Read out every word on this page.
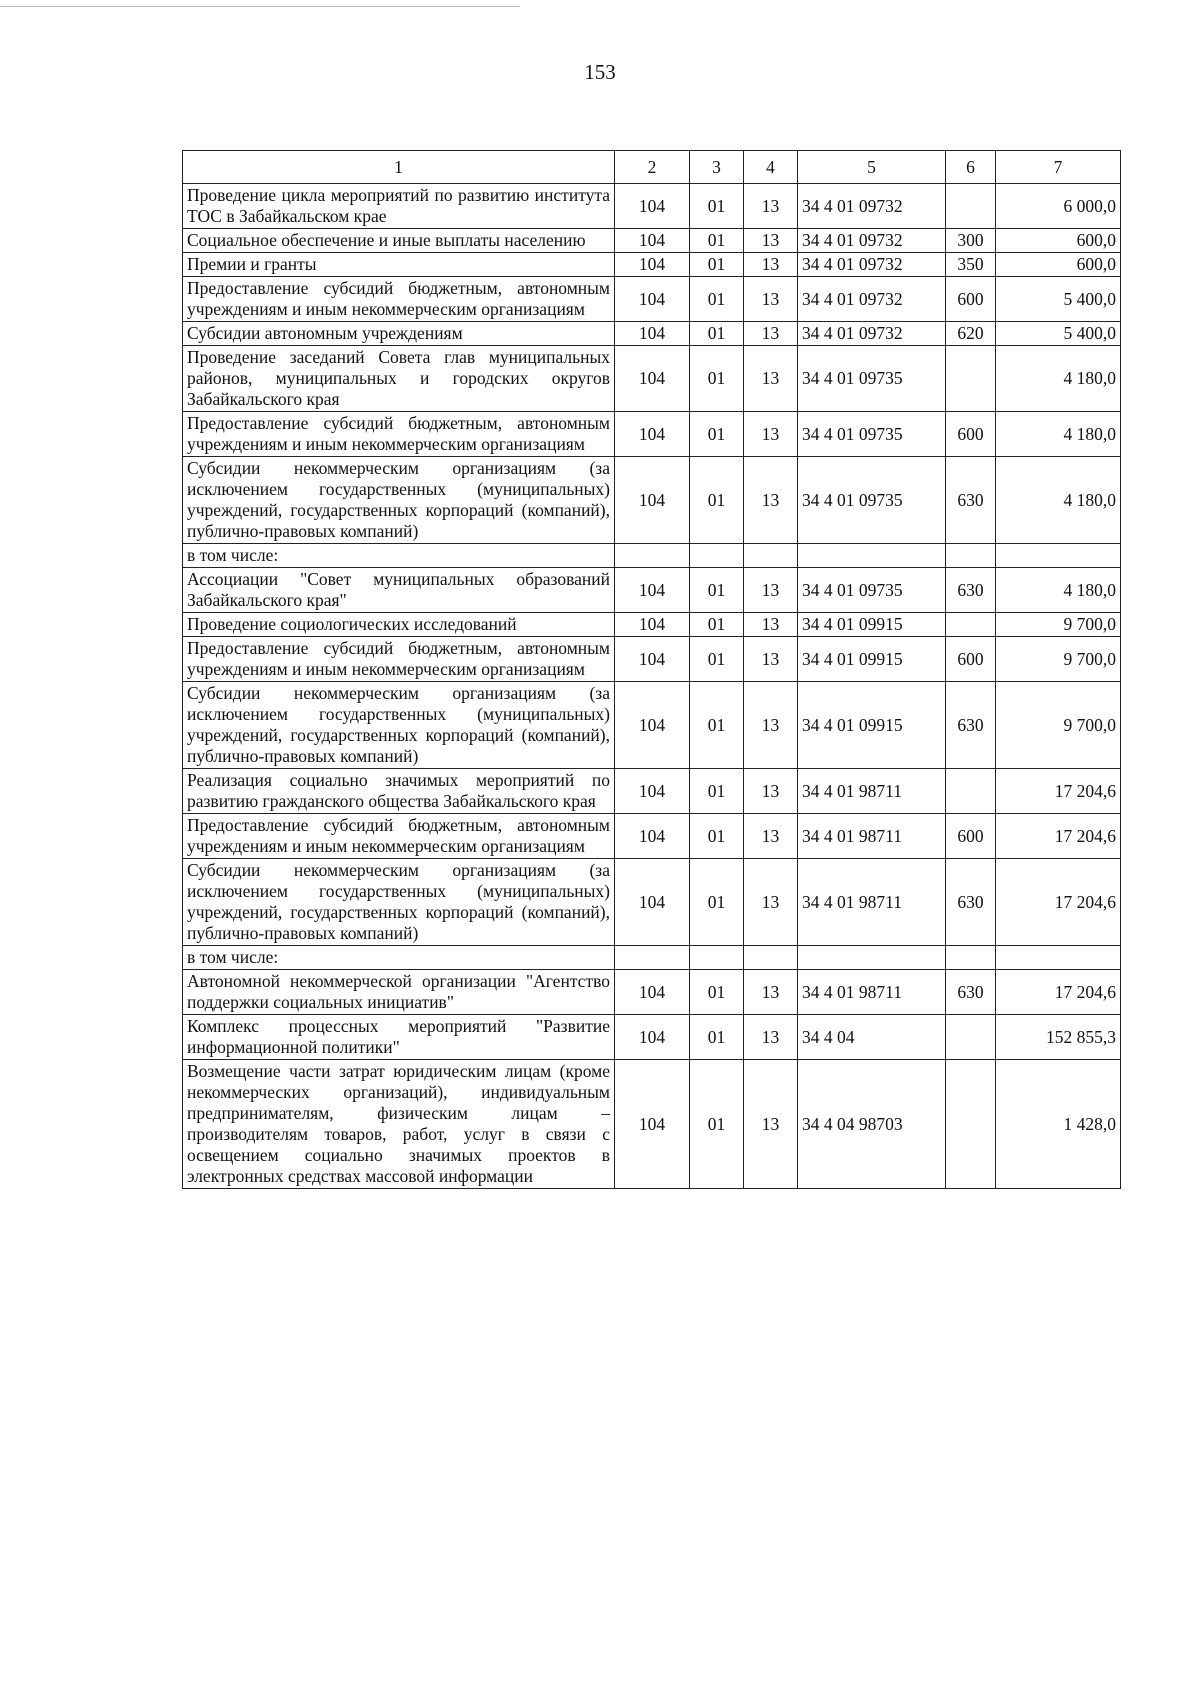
153
1	2	3	4	5	6	7
Проведение цикла мероприятий по развитию института ТОС в Забайкальском крае	104	01	13	34 4 01 09732		6 000,0
Социальное обеспечение и иные выплаты населению	104	01	13	34 4 01 09732	300	600,0
Премии и гранты	104	01	13	34 4 01 09732	350	600,0
Предоставление субсидий бюджетным, автономным учреждениям и иным некоммерческим организациям	104	01	13	34 4 01 09732	600	5 400,0
Субсидии автономным учреждениям	104	01	13	34 4 01 09732	620	5 400,0
Проведение заседаний Совета глав муниципальных районов, муниципальных и городских округов Забайкальского края	104	01	13	34 4 01 09735		4 180,0
Предоставление субсидий бюджетным, автономным учреждениям и иным некоммерческим организациям	104	01	13	34 4 01 09735	600	4 180,0
Субсидии некоммерческим организациям (за исключением государственных (муниципальных) учреждений, государственных корпораций (компаний), публично-правовых компаний)	104	01	13	34 4 01 09735	630	4 180,0
в том числе:						
Ассоциации "Совет муниципальных образований Забайкальского края"	104	01	13	34 4 01 09735	630	4 180,0
Проведение социологических исследований	104	01	13	34 4 01 09915		9 700,0
Предоставление субсидий бюджетным, автономным учреждениям и иным некоммерческим организациям	104	01	13	34 4 01 09915	600	9 700,0
Субсидии некоммерческим организациям (за исключением государственных (муниципальных) учреждений, государственных корпораций (компаний), публично-правовых компаний)	104	01	13	34 4 01 09915	630	9 700,0
Реализация социально значимых мероприятий по развитию гражданского общества Забайкальского края	104	01	13	34 4 01 98711		17 204,6
Предоставление субсидий бюджетным, автономным учреждениям и иным некоммерческим организациям	104	01	13	34 4 01 98711	600	17 204,6
Субсидии некоммерческим организациям (за исключением государственных (муниципальных) учреждений, государственных корпораций (компаний), публично-правовых компаний)	104	01	13	34 4 01 98711	630	17 204,6
в том числе:						
Автономной некоммерческой организации "Агентство поддержки социальных инициатив"	104	01	13	34 4 01 98711	630	17 204,6
Комплекс процессных мероприятий "Развитие информационной политики"	104	01	13	34 4 04		152 855,3
Возмещение части затрат юридическим лицам (кроме некоммерческих организаций), индивидуальным предпринимателям, физическим лицам – производителям товаров, работ, услуг в связи с освещением социально значимых проектов в электронных средствах массовой информации	104	01	13	34 4 04 98703		1 428,0
